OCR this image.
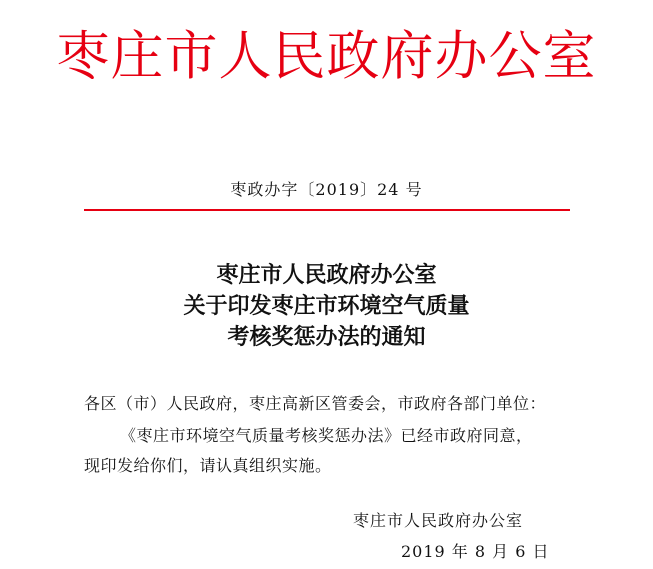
枣庄市人民政府办公室
枣政办字〔2019〕24 号
枣庄市人民政府办公室
关于印发枣庄市环境空气质量
考核奖惩办法的通知
各区（市）人民政府，枣庄高新区管委会，市政府各部门单位：
《枣庄市环境空气质量考核奖惩办法》已经市政府同意，
现印发给你们，请认真组织实施。
枣庄市人民政府办公室
2019 年 8 月 6 日
